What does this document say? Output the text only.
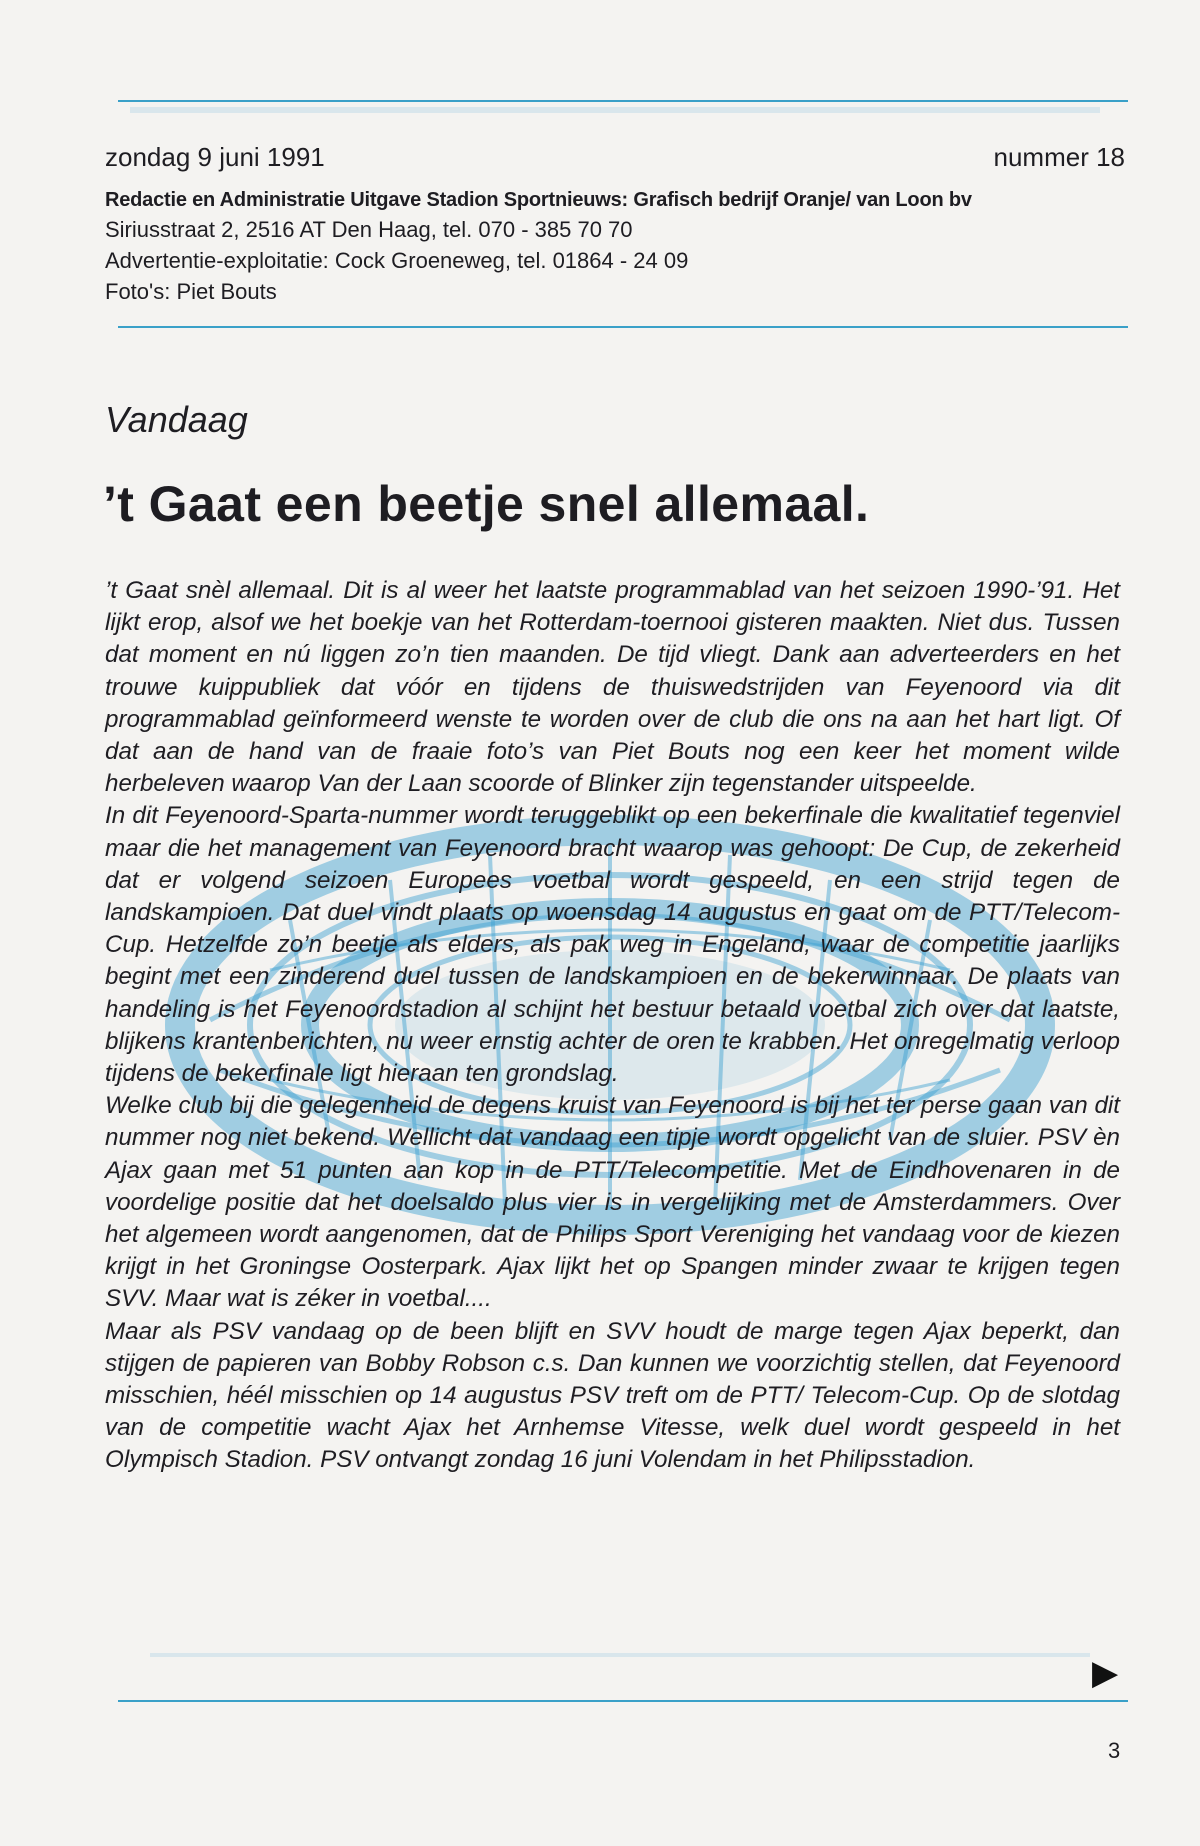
zondag 9 juni 1991	nummer 18
Redactie en Administratie Uitgave Stadion Sportnieuws: Grafisch bedrijf Oranje/ van Loon bv
Siriusstraat 2, 2516 AT Den Haag, tel. 070 - 385 70 70
Advertentie-exploitatie: Cock Groeneweg, tel. 01864 - 24 09
Foto's: Piet Bouts
Vandaag
’t Gaat een beetje snel allemaal.

’t Gaat snèl allemaal. Dit is al weer het laatste programmablad van het seizoen 1990-’91. Het lijkt erop, alsof we het boekje van het Rotterdam-toernooi gisteren maakten. Niet dus. Tussen dat moment en nú liggen zo’n tien maanden. De tijd vliegt. Dank aan adverteerders en het trouwe kuippubliek dat vóór en tijdens de thuiswedstrijden van Feyenoord via dit programmablad geïnformeerd wenste te worden over de club die ons na aan het hart ligt. Of dat aan de hand van de fraaie foto’s van Piet Bouts nog een keer het moment wilde herbeleven waarop Van der Laan scoorde of Blinker zijn tegenstander uitspeelde.

In dit Feyenoord-Sparta-nummer wordt teruggeblikt op een bekerfinale die kwalitatief tegenviel maar die het management van Feyenoord bracht waarop was gehoopt: De Cup, de zekerheid dat er volgend seizoen Europees voetbal wordt gespeeld, en een strijd tegen de landskampioen. Dat duel vindt plaats op woensdag 14 augustus en gaat om de PTT/Telecom-Cup. Hetzelfde zo’n beetje als elders, als pak weg in Engeland, waar de competitie jaarlijks begint met een zinderend duel tussen de landskampioen en de bekerwinnaar. De plaats van handeling is het Feyenoordstadion al schijnt het bestuur betaald voetbal zich over dat laatste, blijkens krantenberichten, nu weer ernstig achter de oren te krabben. Het onregelmatig verloop tijdens de bekerfinale ligt hieraan ten grondslag.

Welke club bij die gelegenheid de degens kruist van Feyenoord is bij het ter perse gaan van dit nummer nog niet bekend. Wellicht dat vandaag een tipje wordt opgelicht van de sluier. PSV èn Ajax gaan met 51 punten aan kop in de PTT/Telecompetitie. Met de Eindhovenaren in de voordelige positie dat het doelsaldo plus vier is in vergelijking met de Amsterdammers. Over het algemeen wordt aangenomen, dat de Philips Sport Vereniging het vandaag voor de kiezen krijgt in het Groningse Oosterpark. Ajax lijkt het op Spangen minder zwaar te krijgen tegen SVV. Maar wat is zéker in voetbal....

Maar als PSV vandaag op de been blijft en SVV houdt de marge tegen Ajax beperkt, dan stijgen de papieren van Bobby Robson c.s. Dan kunnen we voorzichtig stellen, dat Feyenoord misschien, héél misschien op 14 augustus PSV treft om de PTT/ Telecom-Cup. Op de slotdag van de competitie wacht Ajax het Arnhemse Vitesse, welk duel wordt gespeeld in het Olympisch Stadion. PSV ontvangt zondag 16 juni Volendam in het Philipsstadion.

▶
3
